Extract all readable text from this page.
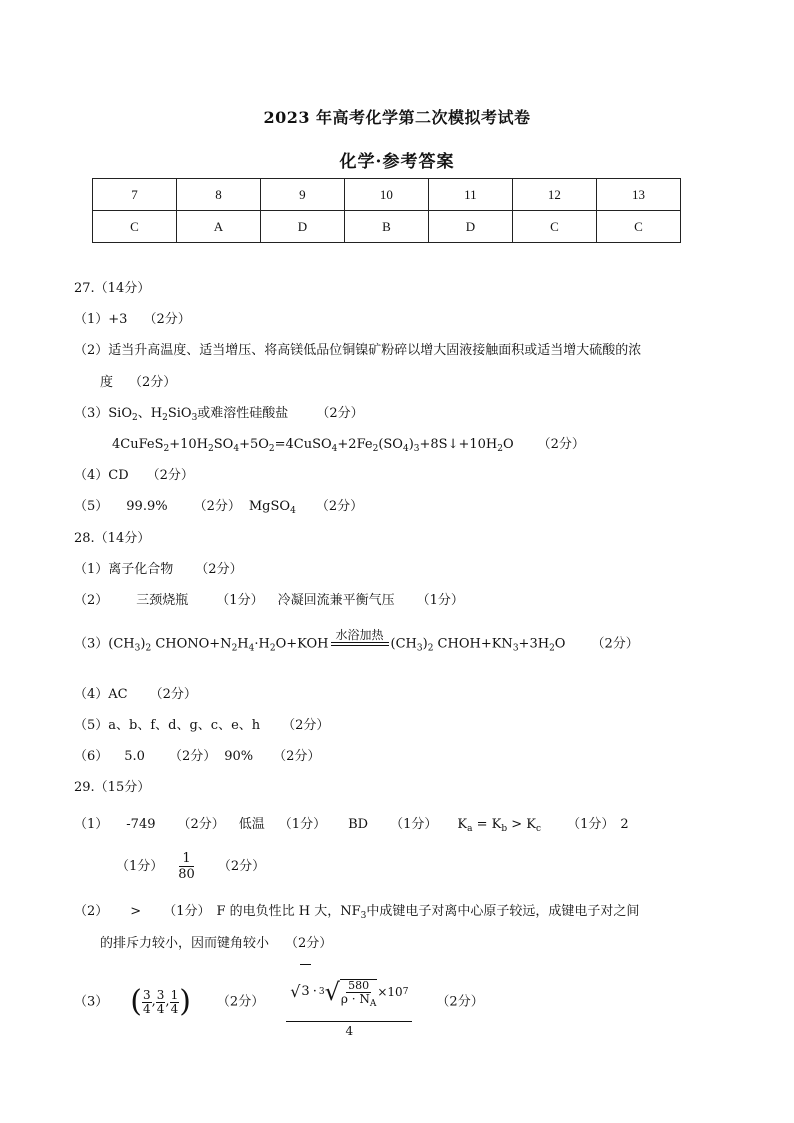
2023 年高考化学第二次模拟考试卷
化学·参考答案
7	8	9	10	11	12	13
C	A	D	B	D	C	C
27.（14分）
（1）+3 （2分）
（2）适当升高温度、适当增压、将高镁低品位铜镍矿粉碎以增大固液接触面积或适当增大硫酸的浓
度 （2分）
（3）SiO$_2$、$H_2SiO_3$或难溶性硅酸盐 （2分）
$4CuFeS_2+10H_2SO_4+5O_2=4CuSO_4+2Fe_2(SO_4)_3+8S↓+10H_2O$ （2分）
（4）CD （2分）
（5） 99.9% （2分） MgSO$_4$ （2分）
28.（14分）
（1）离子化合物 （2分）
（2） 三颈烧瓶 （1分） 冷凝回流兼平衡气压 （1分）
$(3)(CH_3)_2$ $CHONO+N_2H_4\cdot H_2O+KOH$
水浴加热

$(CH_3)_2$ $CHOH+KN_3+3H_2O$ （2分）
（4）AC （2分）
（5）a、b、f、d、g、c、e、h （2分）
（6） 5.0 （2分） 90% （2分）
29.（15分）
（1） -749 （2分） 低温 （1分） BD （1分） $K_a = K_b > K_c$ （1分） 2
（1分） $\frac{1}{80} (2$分）
（2） > （1分） F 的电负性比 H 大，$NF_3$中成键电子对离中心原子较远，成键电子对之间
的排斥力较小，因而键角较小 （2分）
（3） ( $\frac{3}{4}$ , $\frac{3}{4}$ , $\frac{1}{4}$ ) （2分） $\frac{√ 3 \cdot 3 √ \frac{580}{\rho \cdot N_A} \times 10 7}{4} (2$分）
